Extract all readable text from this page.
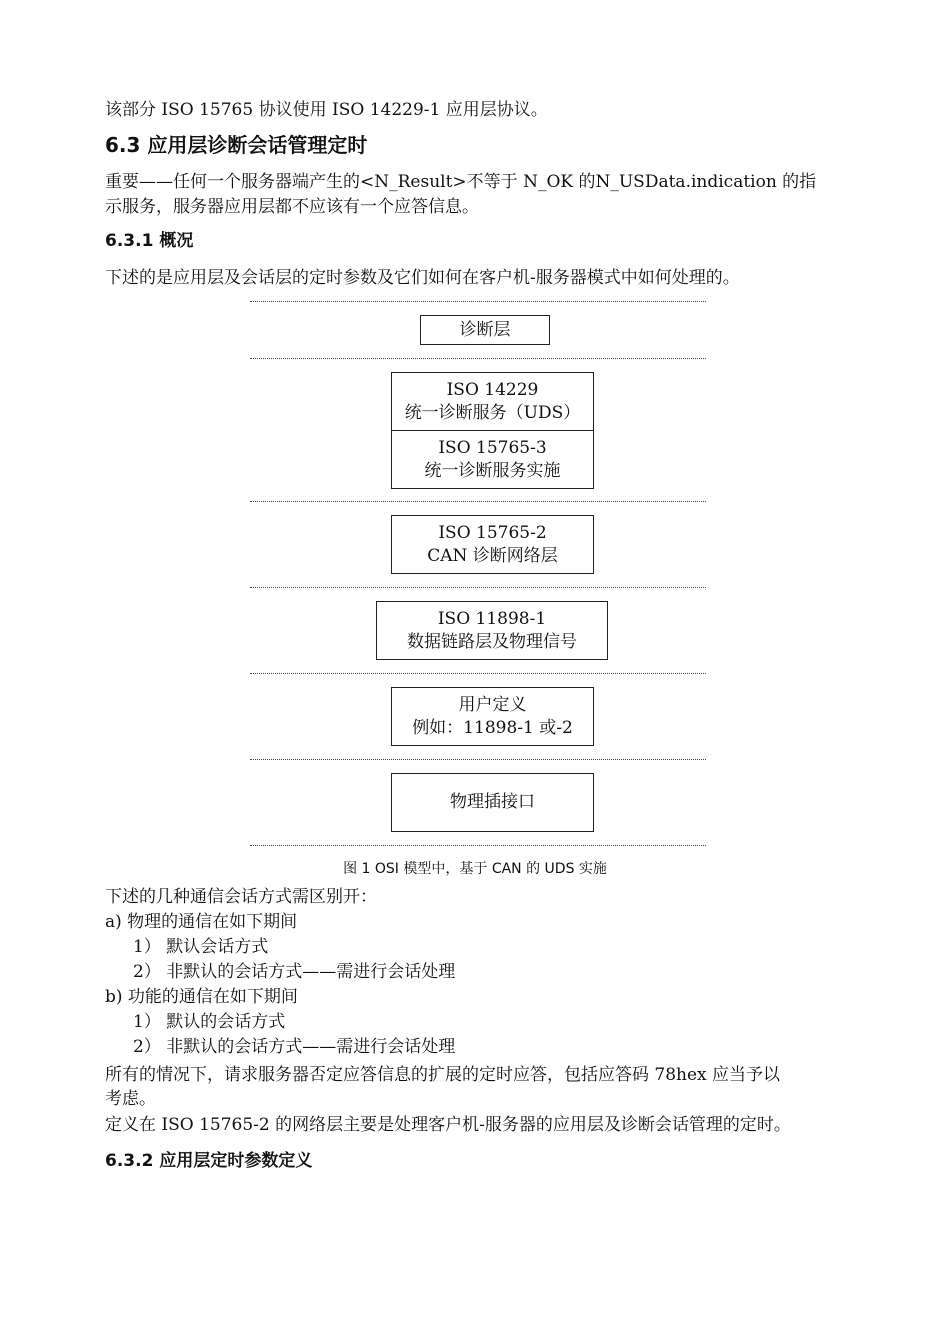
该部分 ISO 15765 协议使用 ISO 14229-1 应用层协议。
6.3 应用层诊断会话管理定时
重要——任何一个服务器端产生的<N_Result>不等于 N_OK 的N_USData.indication 的指
示服务，服务器应用层都不应该有一个应答信息。
6.3.1 概况
下述的是应用层及会话层的定时参数及它们如何在客户机-服务器模式中如何处理的。
诊断层
ISO 14229
统一诊断服务（UDS）
ISO 15765-3
统一诊断服务实施
ISO 15765-2
CAN 诊断网络层
ISO 11898-1
数据链路层及物理信号
用户定义
例如：11898-1 或-2
物理插接口
图 1 OSI 模型中，基于 CAN 的 UDS 实施
下述的几种通信会话方式需区别开：
a) 物理的通信在如下期间
1） 默认会话方式
2） 非默认的会话方式——需进行会话处理
b) 功能的通信在如下期间
1） 默认的会话方式
2） 非默认的会话方式——需进行会话处理
所有的情况下，请求服务器否定应答信息的扩展的定时应答，包括应答码 78hex 应当予以
考虑。
定义在 ISO 15765-2 的网络层主要是处理客户机-服务器的应用层及诊断会话管理的定时。
6.3.2 应用层定时参数定义
